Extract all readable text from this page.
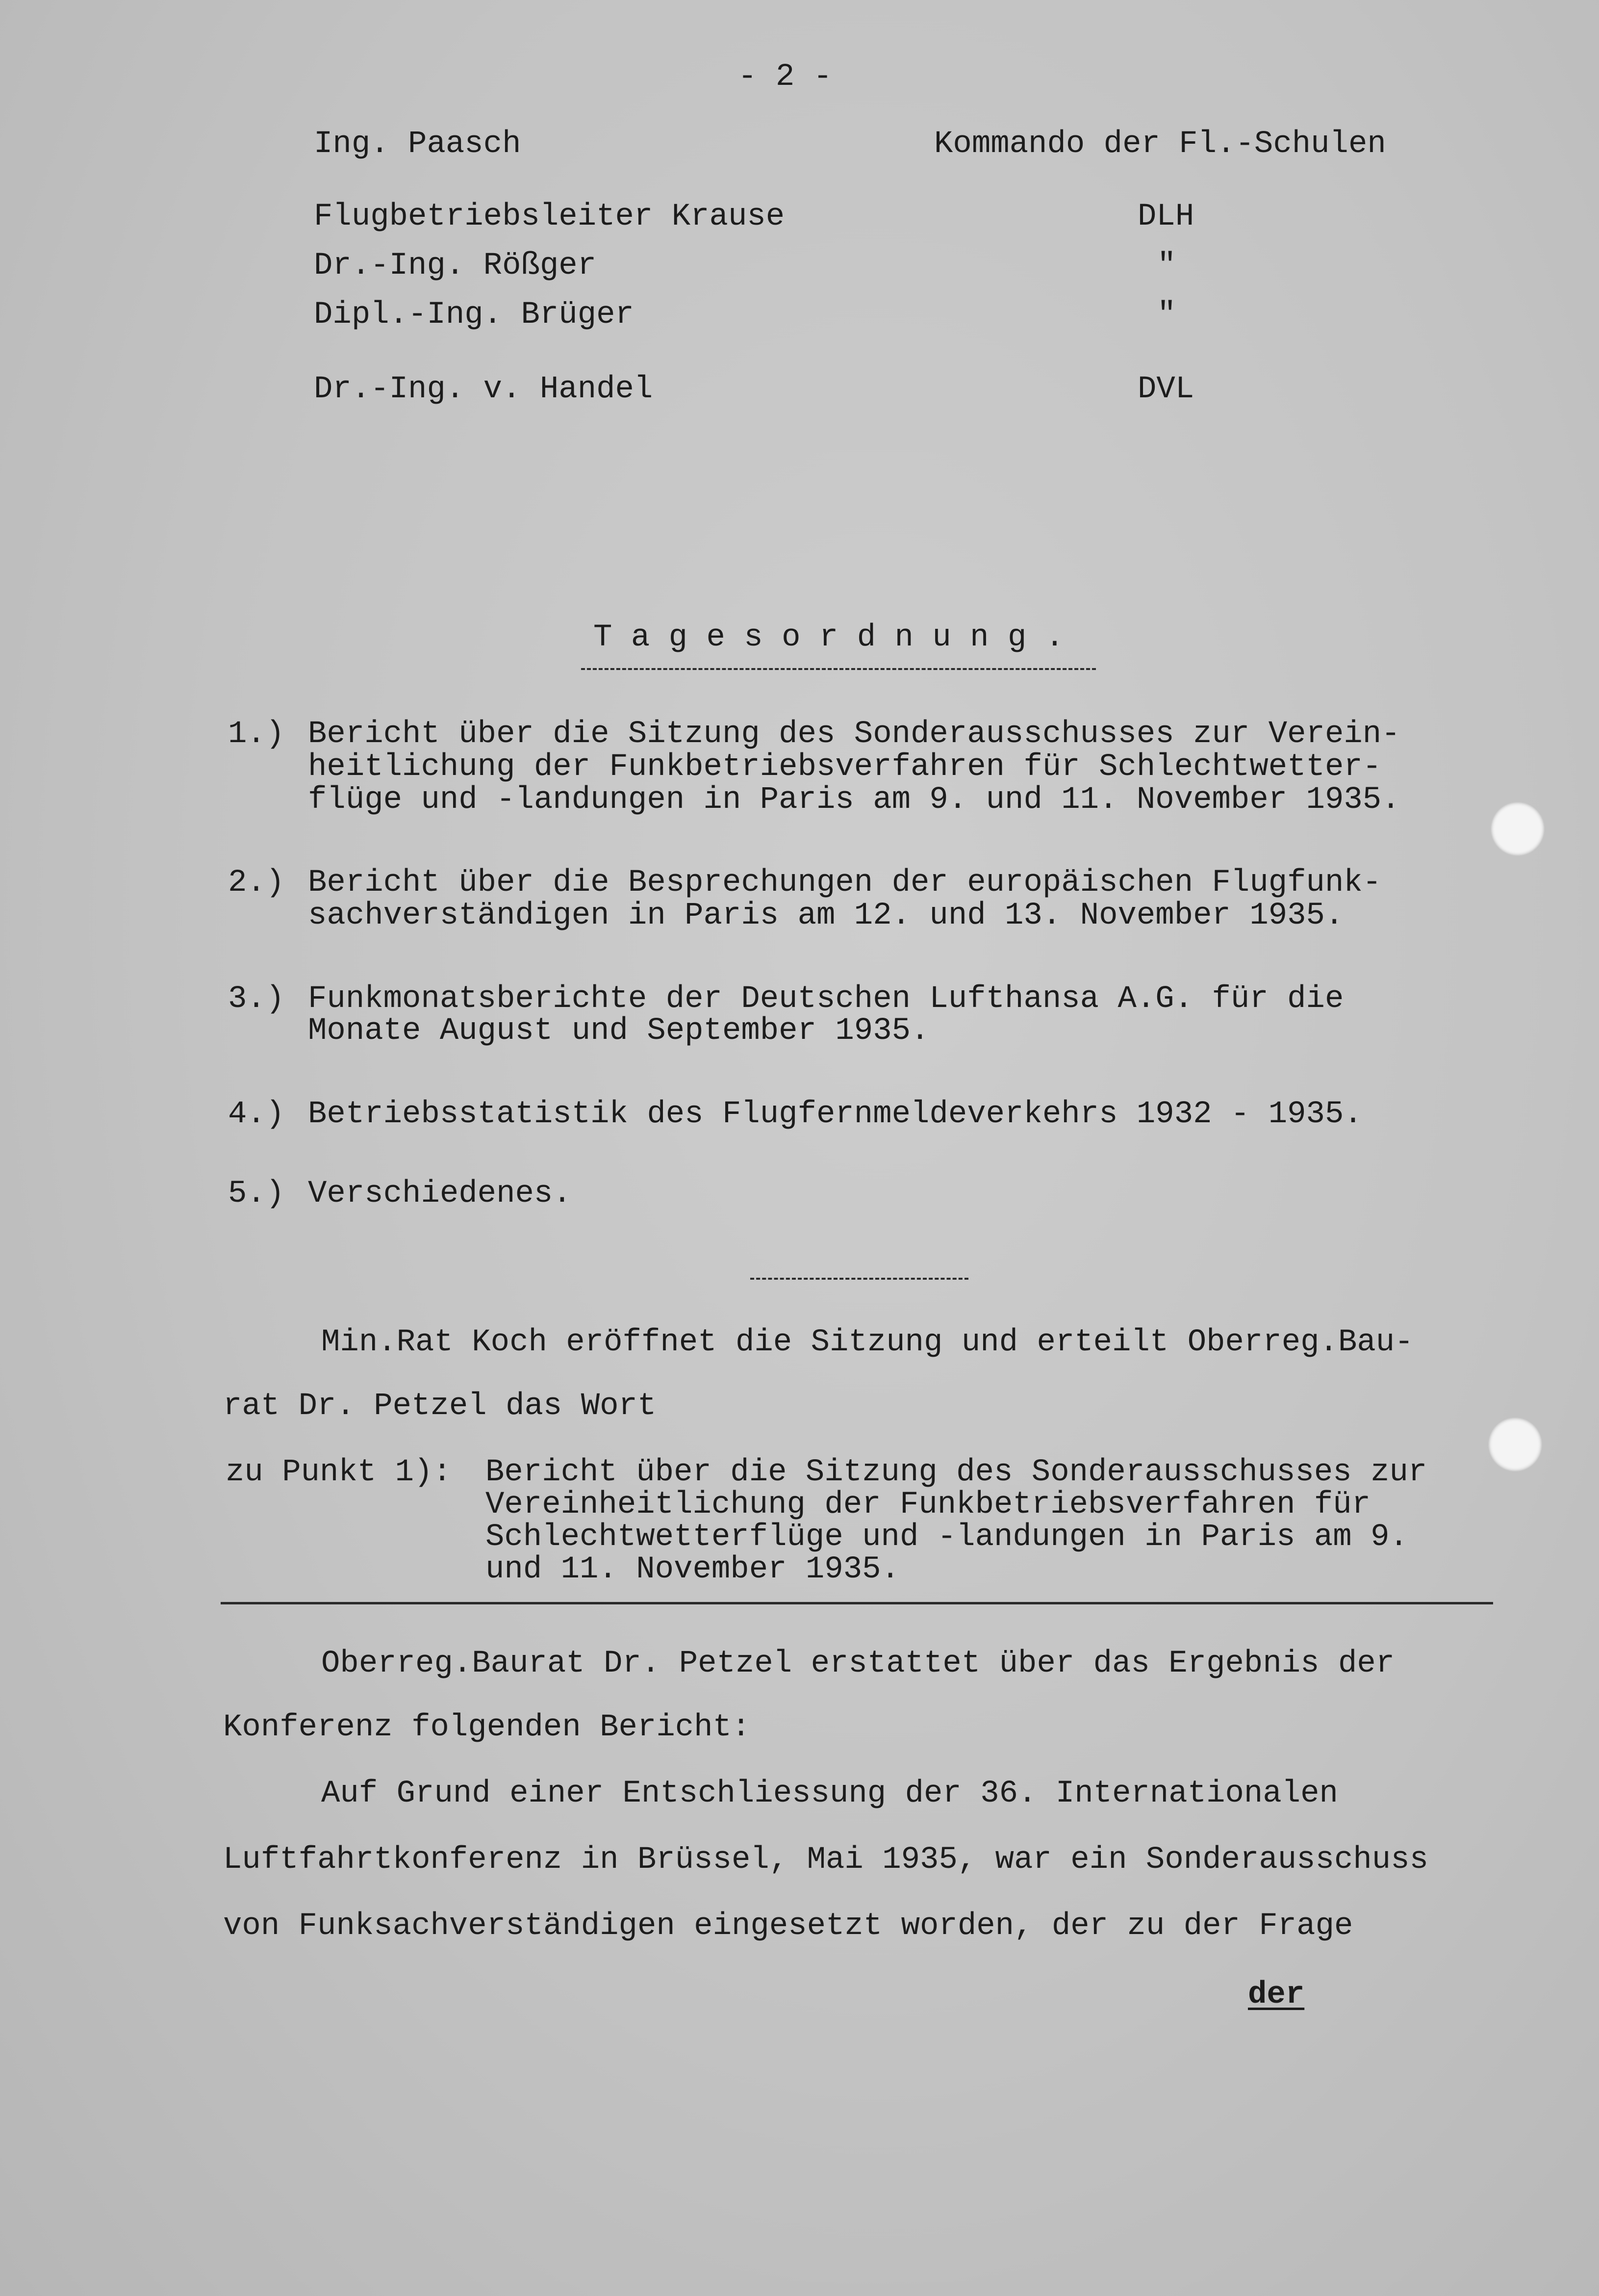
- 2 -
Ing. Paasch	Kommando der Fl.-Schulen
Flugbetriebsleiter Krause	DLH
Dr.-Ing. Rößger	"
Dipl.-Ing. Brüger	"
Dr.-Ing. v. Handel	DVL
T a g e s o r d n u n g .
1.) Bericht über die Sitzung des Sonderausschusses zur Verein-
heitlichung der Funkbetriebsverfahren für Schlechtwetter-
flüge und -landungen in Paris am 9. und 11. November 1935.
2.) Bericht über die Besprechungen der europäischen Flugfunk-
sachverständigen in Paris am 12. und 13. November 1935.
3.) Funkmonatsberichte der Deutschen Lufthansa A.G. für die
Monate August und September 1935.
4.) Betriebsstatistik des Flugfernmeldeverkehrs 1932 - 1935.
5.) Verschiedenes.
Min.Rat Koch eröffnet die Sitzung und erteilt Oberreg.Bau-
rat Dr. Petzel das Wort
zu Punkt 1): Bericht über die Sitzung des Sonderausschusses zur
Vereinheitlichung der Funkbetriebsverfahren für
Schlechtwetterflüge und -landungen in Paris am 9.
und 11. November 1935.
Oberreg.Baurat Dr. Petzel erstattet über das Ergebnis der
Konferenz folgenden Bericht:
Auf Grund einer Entschliessung der 36. Internationalen
Luftfahrtkonferenz in Brüssel, Mai 1935, war ein Sonderausschuss
von Funksachverständigen eingesetzt worden, der zu der Frage
der
